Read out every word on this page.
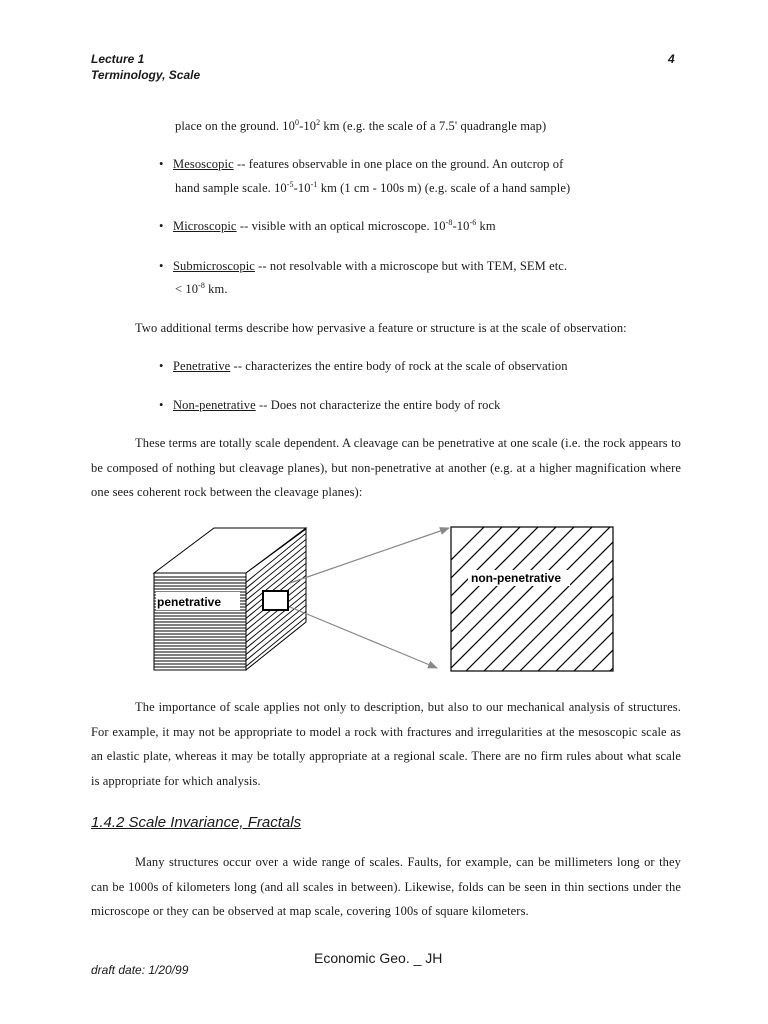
Lecture 1
Terminology, Scale
4
place on the ground. $10^0-10^2$ km (e.g. the scale of a 7.5' quadrangle map)
• Mesoscopic -- features observable in one place on the ground. An outcrop of
hand sample scale. $10^{-5}-10^{-1}$ km (1 cm - 100s m) (e.g. scale of a hand sample)
• Microscopic -- visible with an optical microscope. $10^{-8}-10^{-6}$ km
• Submicroscopic -- not resolvable with a microscope but with TEM, SEM etc.
< $10^{-8}$ km.
Two additional terms describe how pervasive a feature or structure is at the scale of observation:
• Penetrative -- characterizes the entire body of rock at the scale of observation
• Non-penetrative -- Does not characterize the entire body of rock
These terms are totally scale dependent. A cleavage can be penetrative at one scale (i.e. the rock appears to be composed of nothing but cleavage planes), but non-penetrative at another (e.g. at a higher magnification where one sees coherent rock between the cleavage planes):
penetrative
non-penetrative
The importance of scale applies not only to description, but also to our mechanical analysis of structures. For example, it may not be appropriate to model a rock with fractures and irregularities at the mesoscopic scale as an elastic plate, whereas it may be totally appropriate at a regional scale. There are no firm rules about what scale is appropriate for which analysis.
1.4.2 Scale Invariance, Fractals
Many structures occur over a wide range of scales. Faults, for example, can be millimeters long or they can be 1000s of kilometers long (and all scales in between). Likewise, folds can be seen in thin sections under the microscope or they can be observed at map scale, covering 100s of square kilometers.
Economic Geo. _ JH
draft date: 1/20/99
